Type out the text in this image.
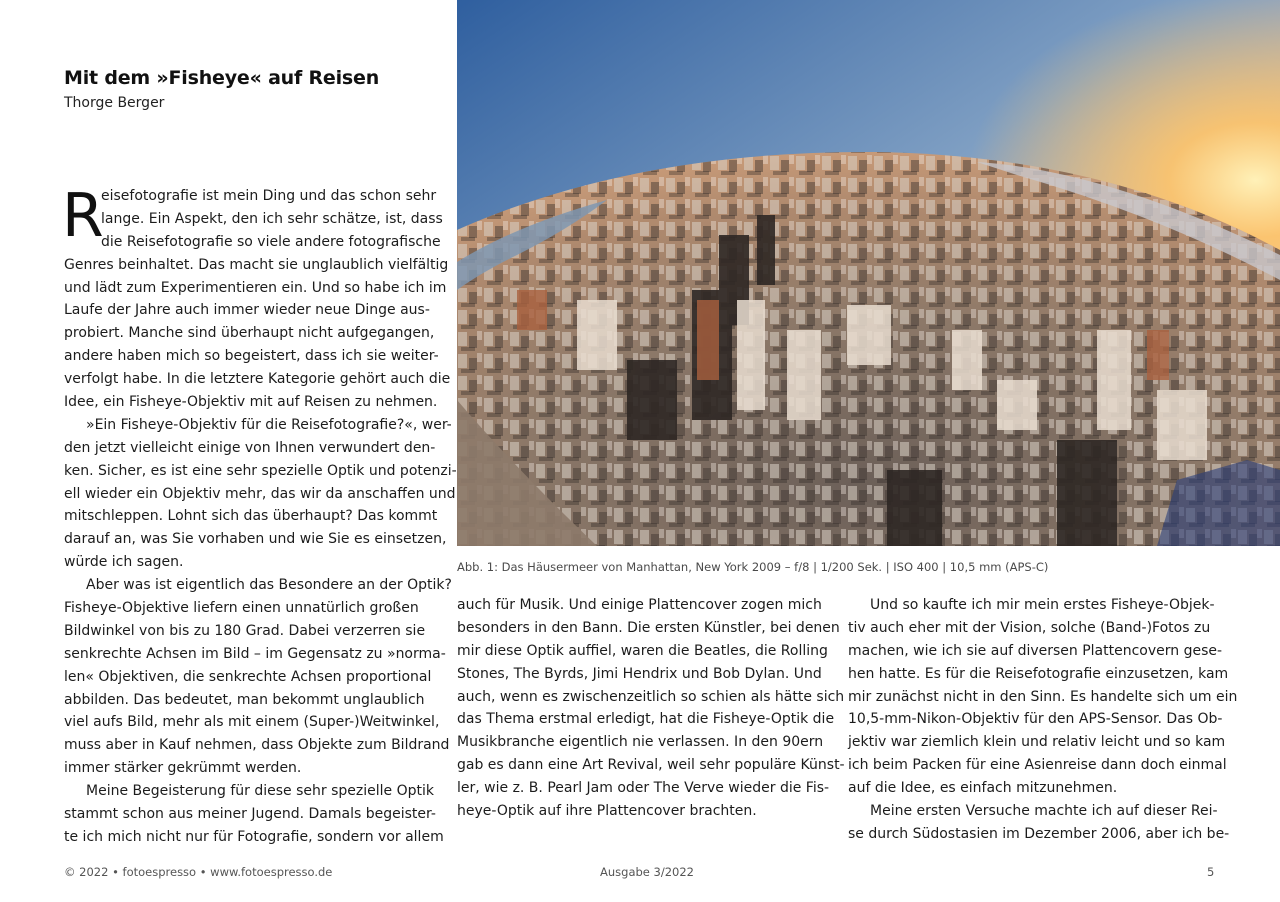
Mit dem »Fisheye« auf Reisen
Thorge Berger
R
eisefotografie ist mein Ding und das schon sehr
lange. Ein Aspekt, den ich sehr schätze, ist, dass
die Reisefotografie so viele andere fotografische
Genres beinhaltet. Das macht sie unglaublich vielfältig
und lädt zum Experimentieren ein. Und so habe ich im
Laufe der Jahre auch immer wieder neue Dinge aus-
probiert. Manche sind überhaupt nicht aufgegangen,
andere haben mich so begeistert, dass ich sie weiter-
verfolgt habe. In die letztere Kategorie gehört auch die
Idee, ein Fisheye-Objektiv mit auf Reisen zu nehmen.
»Ein Fisheye-Objektiv für die Reisefotografie?«, wer-
den jetzt vielleicht einige von Ihnen verwundert den-
ken. Sicher, es ist eine sehr spezielle Optik und potenzi-
ell wieder ein Objektiv mehr, das wir da anschaffen und
mitschleppen. Lohnt sich das überhaupt? Das kommt
darauf an, was Sie vorhaben und wie Sie es einsetzen,
würde ich sagen.
Aber was ist eigentlich das Besondere an der Optik?
Fisheye-Objektive liefern einen unnatürlich großen
Bildwinkel von bis zu 180 Grad. Dabei verzerren sie
senkrechte Achsen im Bild – im Gegensatz zu »norma-
len« Objektiven, die senkrechte Achsen proportional
abbilden. Das bedeutet, man bekommt unglaublich
viel aufs Bild, mehr als mit einem (Super-)Weitwinkel,
muss aber in Kauf nehmen, dass Objekte zum Bildrand
immer stärker gekrümmt werden.
Meine Begeisterung für diese sehr spezielle Optik
stammt schon aus meiner Jugend. Damals begeister-
te ich mich nicht nur für Fotografie, sondern vor allem
auch für Musik. Und einige Plattencover zogen mich
besonders in den Bann. Die ersten Künstler, bei denen
mir diese Optik auffiel, waren die Beatles, die Rolling
Stones, The Byrds, Jimi Hendrix und Bob Dylan. Und
auch, wenn es zwischenzeitlich so schien als hätte sich
das Thema erstmal erledigt, hat die Fisheye-Optik die
Musikbranche eigentlich nie verlassen. In den 90ern
gab es dann eine Art Revival, weil sehr populäre Künst-
ler, wie z. B. Pearl Jam oder The Verve wieder die Fis-
heye-Optik auf ihre Plattencover brachten.
Und so kaufte ich mir mein erstes Fisheye-Objek-
tiv auch eher mit der Vision, solche (Band-)Fotos zu
machen, wie ich sie auf diversen Plattencovern gese-
hen hatte. Es für die Reisefotografie einzusetzen, kam
mir zunächst nicht in den Sinn. Es handelte sich um ein
10,5-mm-Nikon-Objektiv für den APS-Sensor. Das Ob-
jektiv war ziemlich klein und relativ leicht und so kam
ich beim Packen für eine Asienreise dann doch einmal
auf die Idee, es einfach mitzunehmen.
Meine ersten Versuche machte ich auf dieser Rei-
se durch Südostasien im Dezember 2006, aber ich be-
Abb. 1: Das Häusermeer von Manhattan, New York 2009 – f/8 | 1/200 Sek. | ISO 400 | 10,5 mm (APS-C)
© 2022 • fotoespresso • www.fotoespresso.de	Ausgabe 3/2022	5
